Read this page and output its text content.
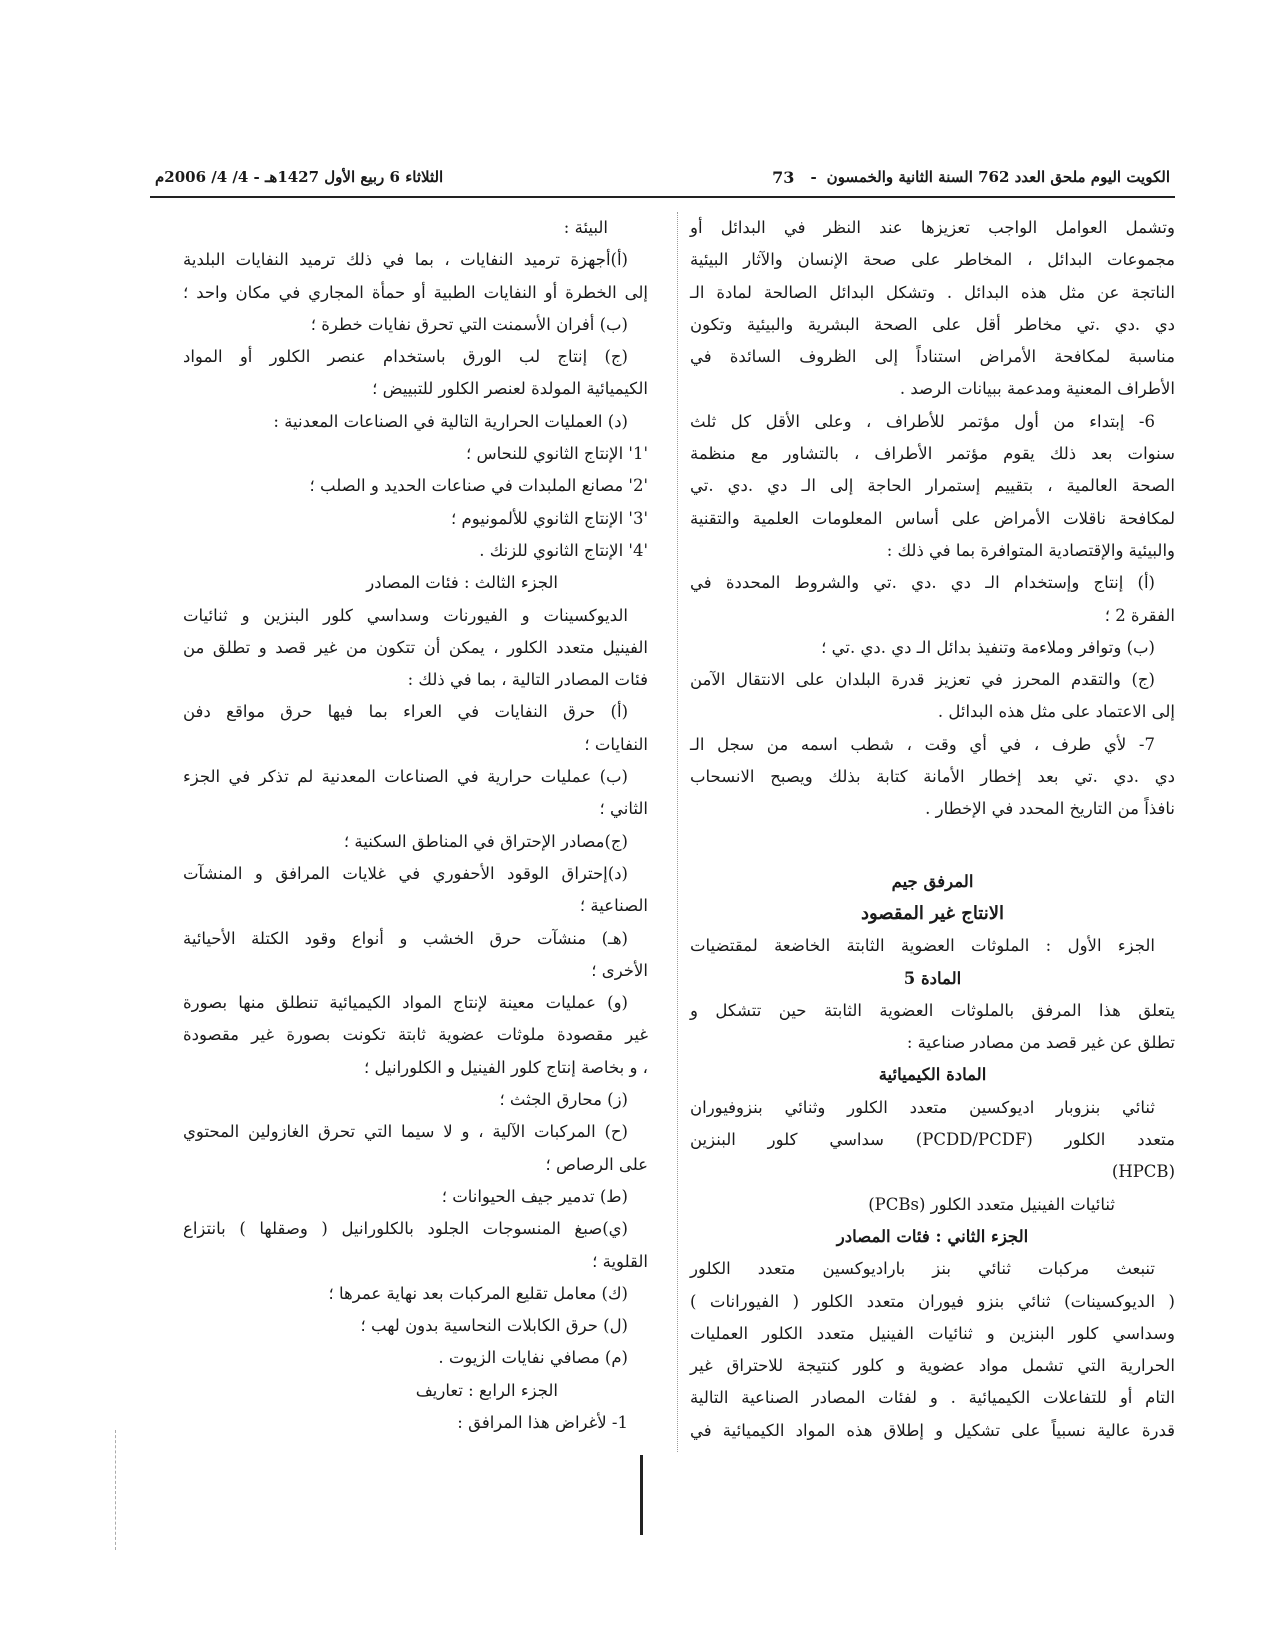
الكويت اليوم ملحق العدد 762 السنة الثانية والخمسون
-
73
الثلاثاء 6 ربيع الأول 1427هـ - 4/ 4/ 2006م
وتشمل العوامل الواجب تعزيزها عند النظر في البدائل أو
مجموعات البدائل ، المخاطر على صحة الإنسان والآثار البيئية
الناتجة عن مثل هذه البدائل . وتشكل البدائل الصالحة لمادة الـ
دي .دي .تي مخاطر أقل على الصحة البشرية والبيئية وتكون
مناسبة لمكافحة الأمراض استناداً إلى الظروف السائدة في
الأطراف المعنية ومدعمة ببيانات الرصد .
6- إبتداء من أول مؤتمر للأطراف ، وعلى الأقل كل ثلث
سنوات بعد ذلك يقوم مؤتمر الأطراف ، بالتشاور مع منظمة
الصحة العالمية ، بتقييم إستمرار الحاجة إلى الـ دي .دي .تي
لمكافحة ناقلات الأمراض على أساس المعلومات العلمية والتقنية
والبيئية والإقتصادية المتوافرة بما في ذلك :
(أ) إنتاج وإستخدام الـ دي .دي .تي والشروط المحددة في
الفقرة 2 ؛
(ب) وتوافر وملاءمة وتنفيذ بدائل الـ دي .دي .تي ؛
(ج) والتقدم المحرز في تعزيز قدرة البلدان على الانتقال الآمن
إلى الاعتماد على مثل هذه البدائل .
7- لأي طرف ، في أي وقت ، شطب اسمه من سجل الـ
دي .دي .تي بعد إخطار الأمانة كتابة بذلك ويصبح الانسحاب
نافذاً من التاريخ المحدد في الإخطار .
المرفق جيم
الانتاج غير المقصود
الجزء الأول : الملوثات العضوية الثابتة الخاضعة لمقتضيات
المادة 5
يتعلق هذا المرفق بالملوثات العضوية الثابتة حين تتشكل و
تطلق عن غير قصد من مصادر صناعية :
المادة الكيميائية
ثنائي بنزوبار اديوكسين متعدد الكلور وثنائي بنزوفيوران
متعدد الكلور (PCDD/PCDF) سداسي كلور البنزين
(HPCB)
ثنائيات الفينيل متعدد الكلور (PCBs)
الجزء الثاني : فئات المصادر
تنبعث مركبات ثنائي بنز باراديوكسين متعدد الكلور
( الديوكسينات) ثنائي بنزو فيوران متعدد الكلور ( الفيورانات )
وسداسي كلور البنزين و ثنائيات الفينيل متعدد الكلور العمليات
الحرارية التي تشمل مواد عضوية و كلور كنتيجة للاحتراق غير
التام أو للتفاعلات الكيميائية . و لفئات المصادر الصناعية التالية
قدرة عالية نسبياً على تشكيل و إطلاق هذه المواد الكيميائية في
البيئة :
(أ)أجهزة ترميد النفايات ، بما في ذلك ترميد النفايات البلدية
إلى الخطرة أو النفايات الطبية أو حمأة المجاري في مكان واحد ؛
(ب) أفران الأسمنت التي تحرق نفايات خطرة ؛
(ج) إنتاج لب الورق باستخدام عنصر الكلور أو المواد
الكيميائية المولدة لعنصر الكلور للتبييض ؛
(د) العمليات الحرارية التالية في الصناعات المعدنية :
'1' الإنتاج الثانوي للنحاس ؛
'2' مصانع الملبدات في صناعات الحديد و الصلب ؛
'3' الإنتاج الثانوي للألمونيوم ؛
'4' الإنتاج الثانوي للزنك .
الجزء الثالث : فئات المصادر
الديوكسينات و الفيورنات وسداسي كلور البنزين و ثنائيات
الفينيل متعدد الكلور ، يمكن أن تتكون من غير قصد و تطلق من
فئات المصادر التالية ، بما في ذلك :
(أ) حرق النفايات في العراء بما فيها حرق مواقع دفن
النفايات ؛
(ب) عمليات حرارية في الصناعات المعدنية لم تذكر في الجزء
الثاني ؛
(ج)مصادر الإحتراق في المناطق السكنية ؛
(د)إحتراق الوقود الأحفوري في غلايات المرافق و المنشآت
الصناعية ؛
(هـ) منشآت حرق الخشب و أنواع وقود الكتلة الأحيائية
الأخرى ؛
(و) عمليات معينة لإنتاج المواد الكيميائية تنطلق منها بصورة
غير مقصودة ملوثات عضوية ثابتة تكونت بصورة غير مقصودة
، و بخاصة إنتاج كلور الفينيل و الكلورانيل ؛
(ز) محارق الجثث ؛
(ح) المركبات الآلية ، و لا سيما التي تحرق الغازولين المحتوي
على الرصاص ؛
(ط) تدمير جيف الحيوانات ؛
(ي)صبغ المنسوجات الجلود بالكلورانيل ( وصقلها ) بانتزاع
القلوية ؛
(ك) معامل تقليع المركبات بعد نهاية عمرها ؛
(ل) حرق الكابلات النحاسية بدون لهب ؛
(م) مصافي نفايات الزيوت .
الجزء الرابع : تعاريف
1- لأغراض هذا المرافق :
